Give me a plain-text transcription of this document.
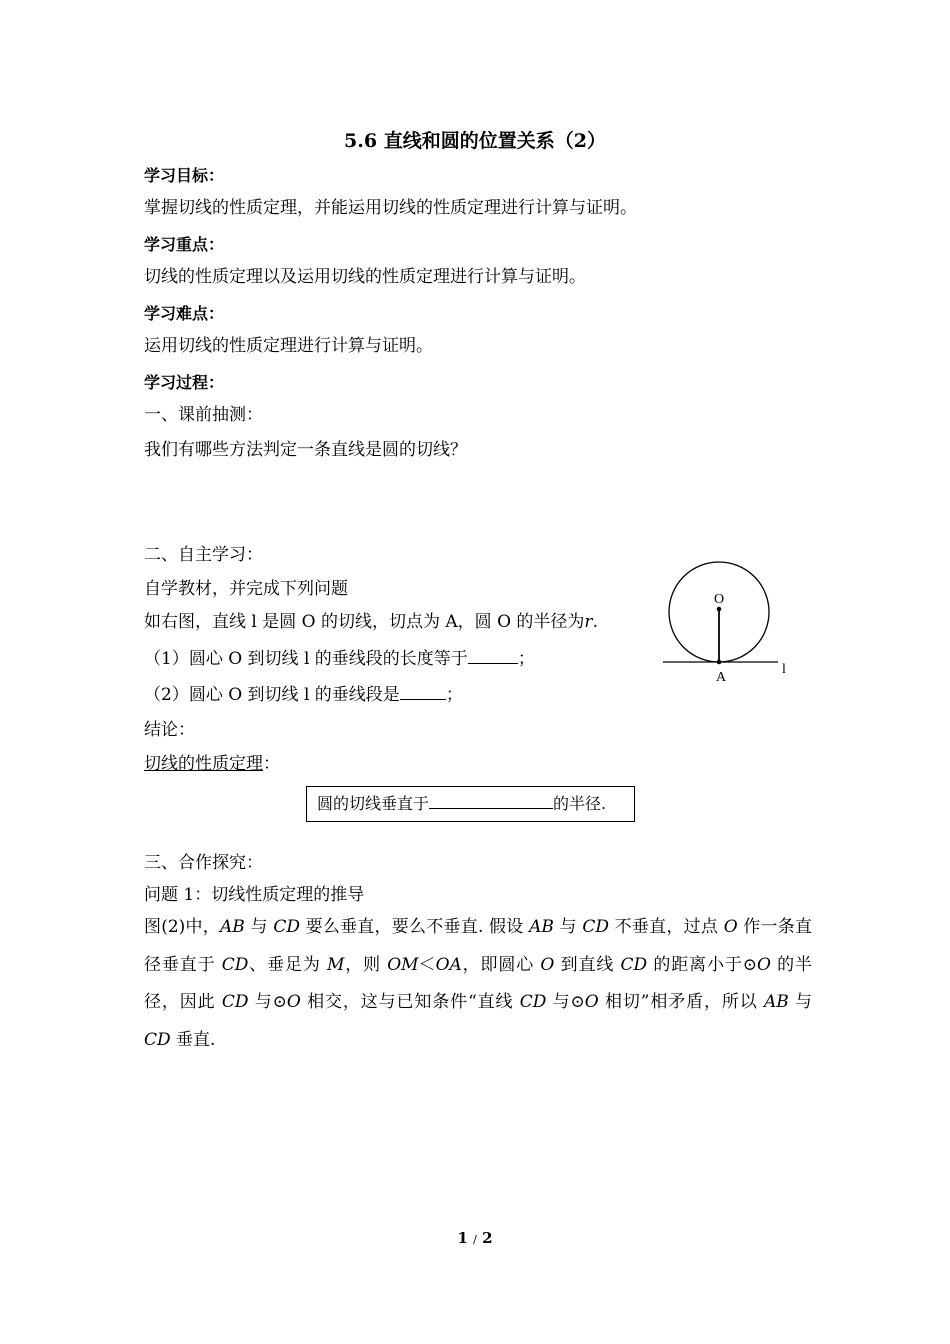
5.6 直线和圆的位置关系（2）
学习目标：
掌握切线的性质定理，并能运用切线的性质定理进行计算与证明。
学习重点：
切线的性质定理以及运用切线的性质定理进行计算与证明。
学习难点：
运用切线的性质定理进行计算与证明。
学习过程：
一、课前抽测：
我们有哪些方法判定一条直线是圆的切线？
二、自主学习：
自学教材，并完成下列问题
如右图，直线 l 是圆 O 的切线，切点为 A，圆 O 的半径为r.
（1）圆心 O 到切线 l 的垂线段的长度等于	；
（2）圆心 O 到切线 l 的垂线段是	；
结论：
切线的性质定理：
圆的切线垂直于	的半径.
O
A
l
三、合作探究：
问题 1：切线性质定理的推导
图(2)中，AB 与 CD 要么垂直，要么不垂直. 假设 AB 与 CD 不垂直，过点 O 作一条直径垂直于 CD、垂足为 M，则 OM＜OA，即圆心 O 到直线 CD 的距离小于⊙O 的半径，因此 CD 与⊙O 相交，这与已知条件“直线 CD 与⊙O 相切”相矛盾，所以 AB 与 CD 垂直.
1 / 2
